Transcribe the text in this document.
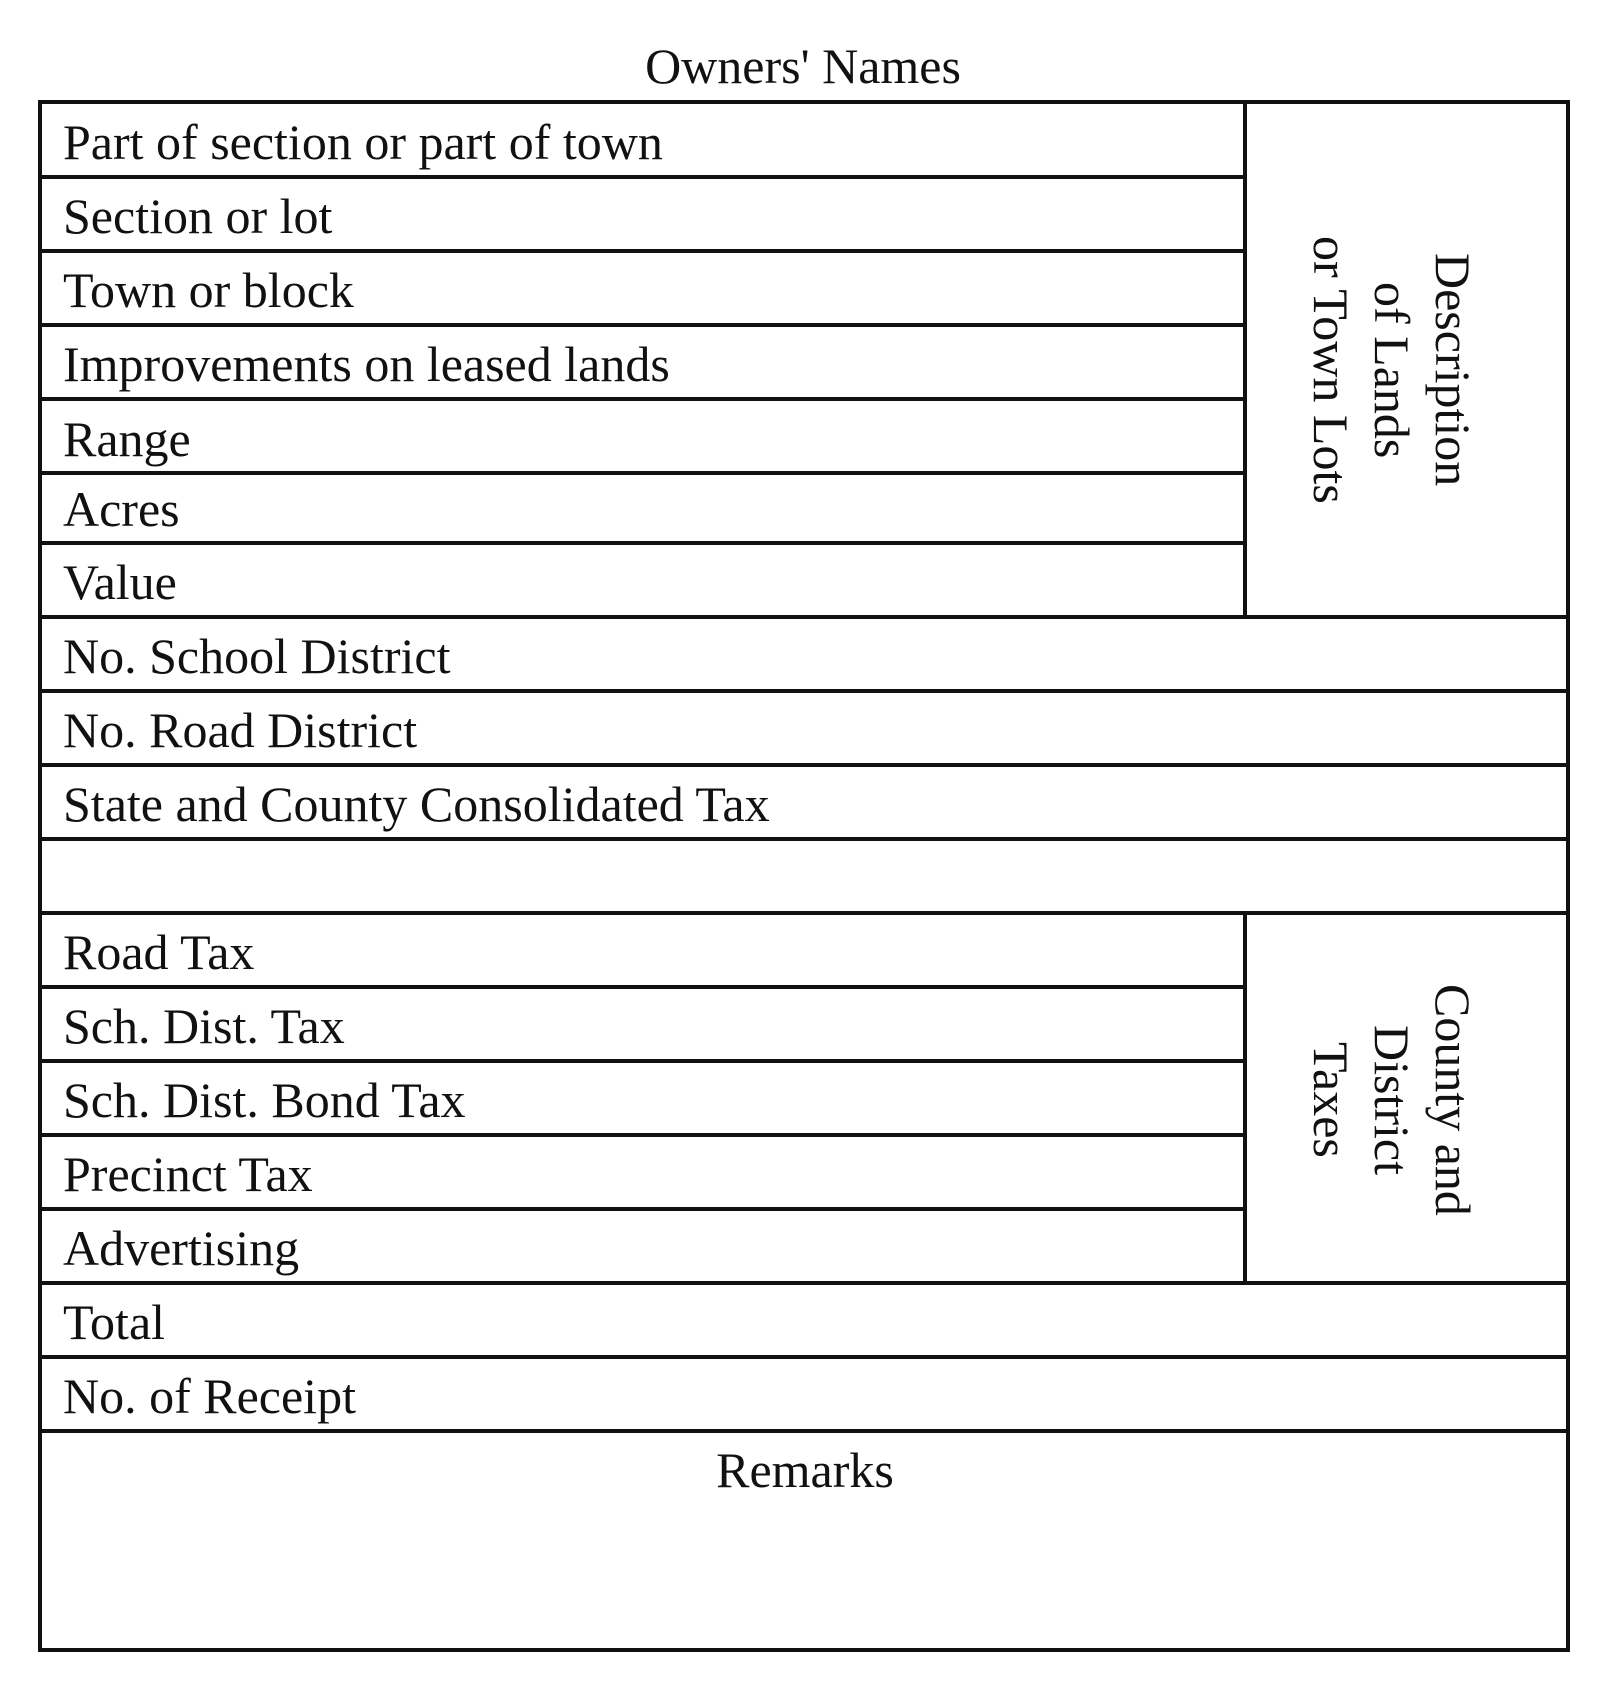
Owners' Names
Part of section or part of town
Section or lot
Town or block
Improvements on leased lands
Range
Acres
Value
Description
of Lands
or Town Lots
No. School District
No. Road District
State and County Consolidated Tax
Road Tax
Sch. Dist. Tax
Sch. Dist. Bond Tax
Precinct Tax
Advertising
County and
District
Taxes
Total
No. of Receipt
Remarks
